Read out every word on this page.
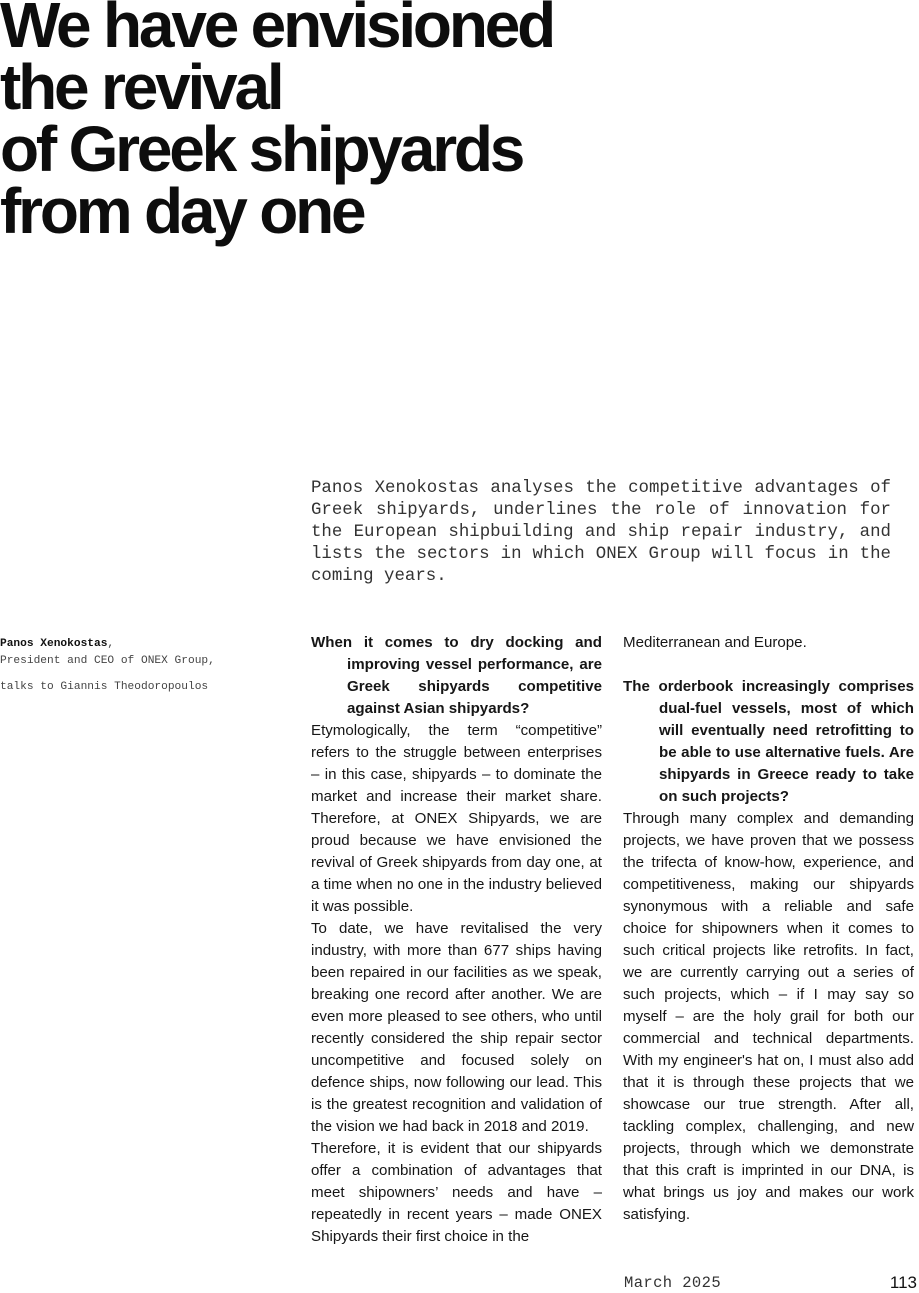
We have envisioned
the revival
of Greek shipyards
from day one

Panos Xenokostas analyses the competitive advantages of Greek shipyards, underlines the role of innovation for the European shipbuilding and ship repair industry, and lists the sectors in which ONEX Group will focus in the coming years.

Panos Xenokostas,
President and CEO of ONEX Group,
talks to Giannis Theodoropoulos

When it comes to dry docking and improving vessel performance, are Greek shipyards competitive against Asian shipyards?

Etymologically, the term “competitive” refers to the struggle between enterprises – in this case, shipyards – to dominate the market and increase their market share. Therefore, at ONEX Shipyards, we are proud because we have envisioned the revival of Greek shipyards from day one, at a time when no one in the industry believed it was possible.

To date, we have revitalised the very industry, with more than 677 ships having been repaired in our facilities as we speak, breaking one record after another. We are even more pleased to see others, who until recently considered the ship repair sector uncompetitive and focused solely on defence ships, now following our lead. This is the greatest recognition and validation of the vision we had back in 2018 and 2019.

Therefore, it is evident that our shipyards offer a combination of advantages that meet shipowners’ needs and have – repeatedly in recent years – made ONEX Shipyards their first choice in the

Mediterranean and Europe.

The orderbook increasingly comprises dual-fuel vessels, most of which will eventually need retrofitting to be able to use alternative fuels. Are shipyards in Greece ready to take on such projects?

Through many complex and demanding projects, we have proven that we possess the trifecta of know-how, experience, and competitiveness, making our shipyards synonymous with a reliable and safe choice for shipowners when it comes to such critical projects like retrofits. In fact, we are currently carrying out a series of such projects, which – if I may say so myself – are the holy grail for both our commercial and technical departments. With my engineer's hat on, I must also add that it is through these projects that we showcase our true strength. After all, tackling complex, challenging, and new projects, through which we demonstrate that this craft is imprinted in our DNA, is what brings us joy and makes our work satisfying.

March 2025	113
